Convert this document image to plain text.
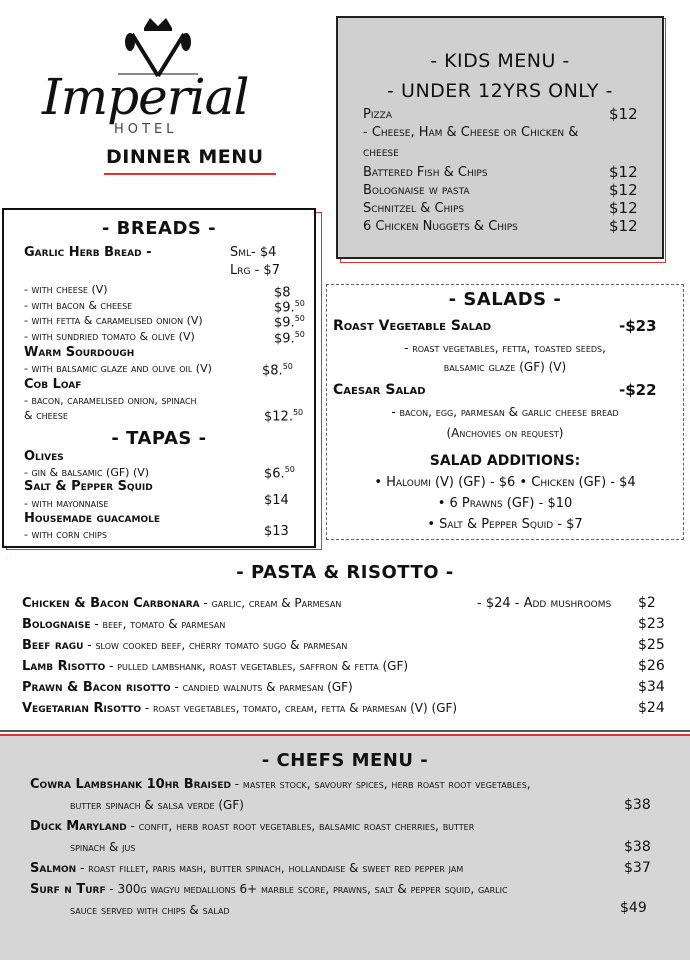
Imperial
HOTEL
DINNER MENU
- KIDS MENU -
- UNDER 12YRS ONLY -
Pizza	$12
- Cheese, Ham & Cheese or Chicken &
cheese
Battered Fish & Chips	$12
Bolognaise w pasta	$12
Schnitzel & Chips	$12
6 Chicken Nuggets & Chips	$12
- BREADS -
Garlic Herb Bread -	Sml- $4
Lrg - $7
- with cheese (V)	$8
- with bacon & cheese	$9.50
- with fetta & caramelised onion (V)	$9.50
- with sundried tomato & olive (V)	$9.50
Warm Sourdough
- with balsamic glaze and olive oil (V)	$8.50
Cob Loaf
- bacon, caramelised onion, spinach
& cheese	$12.50
- TAPAS -
Olives
- gin & balsamic (GF) (V)	$6.50
Salt & Pepper Squid
- with mayonnaise	$14
Housemade guacamole
- with corn chips	$13
- SALADS -
Roast Vegetable Salad	-$23
- roast vegetables, fetta, toasted seeds,
balsamic glaze (GF) (V)
Caesar Salad	-$22
- bacon, egg, parmesan & garlic cheese bread
(Anchovies on request)
SALAD ADDITIONS:
• Haloumi (V) (GF) - $6 • Chicken (GF) - $4
• 6 Prawns (GF) - $10
• Salt & Pepper Squid - $7
- PASTA & RISOTTO -
Chicken & Bacon Carbonara - garlic, cream & Parmesan	- $24 - Add mushrooms $2
Bolognaise - beef, tomato & parmesan	$23
Beef ragu - slow cooked beef, cherry tomato sugo & parmesan	$25
Lamb Risotto - pulled lambshank, roast vegetables, saffron & fetta (GF)	$26
Prawn & Bacon risotto - candied walnuts & parmesan (GF)	$34
Vegetarian Risotto - roast vegetables, tomato, cream, fetta & parmesan (V) (GF)	$24
- CHEFS MENU -
Cowra Lambshank 10hr Braised - master stock, savoury spices, herb roast root vegetables,
butter spinach & salsa verde (GF)	$38
Duck Maryland - confit, herb roast root vegetables, balsamic roast cherries, butter
spinach & jus	$38
Salmon - roast fillet, paris mash, butter spinach, hollandaise & sweet red pepper jam	$37
Surf n Turf - 300g wagyu medallions 6+ marble score, prawns, salt & pepper squid, garlic
sauce served with chips & salad	$49
